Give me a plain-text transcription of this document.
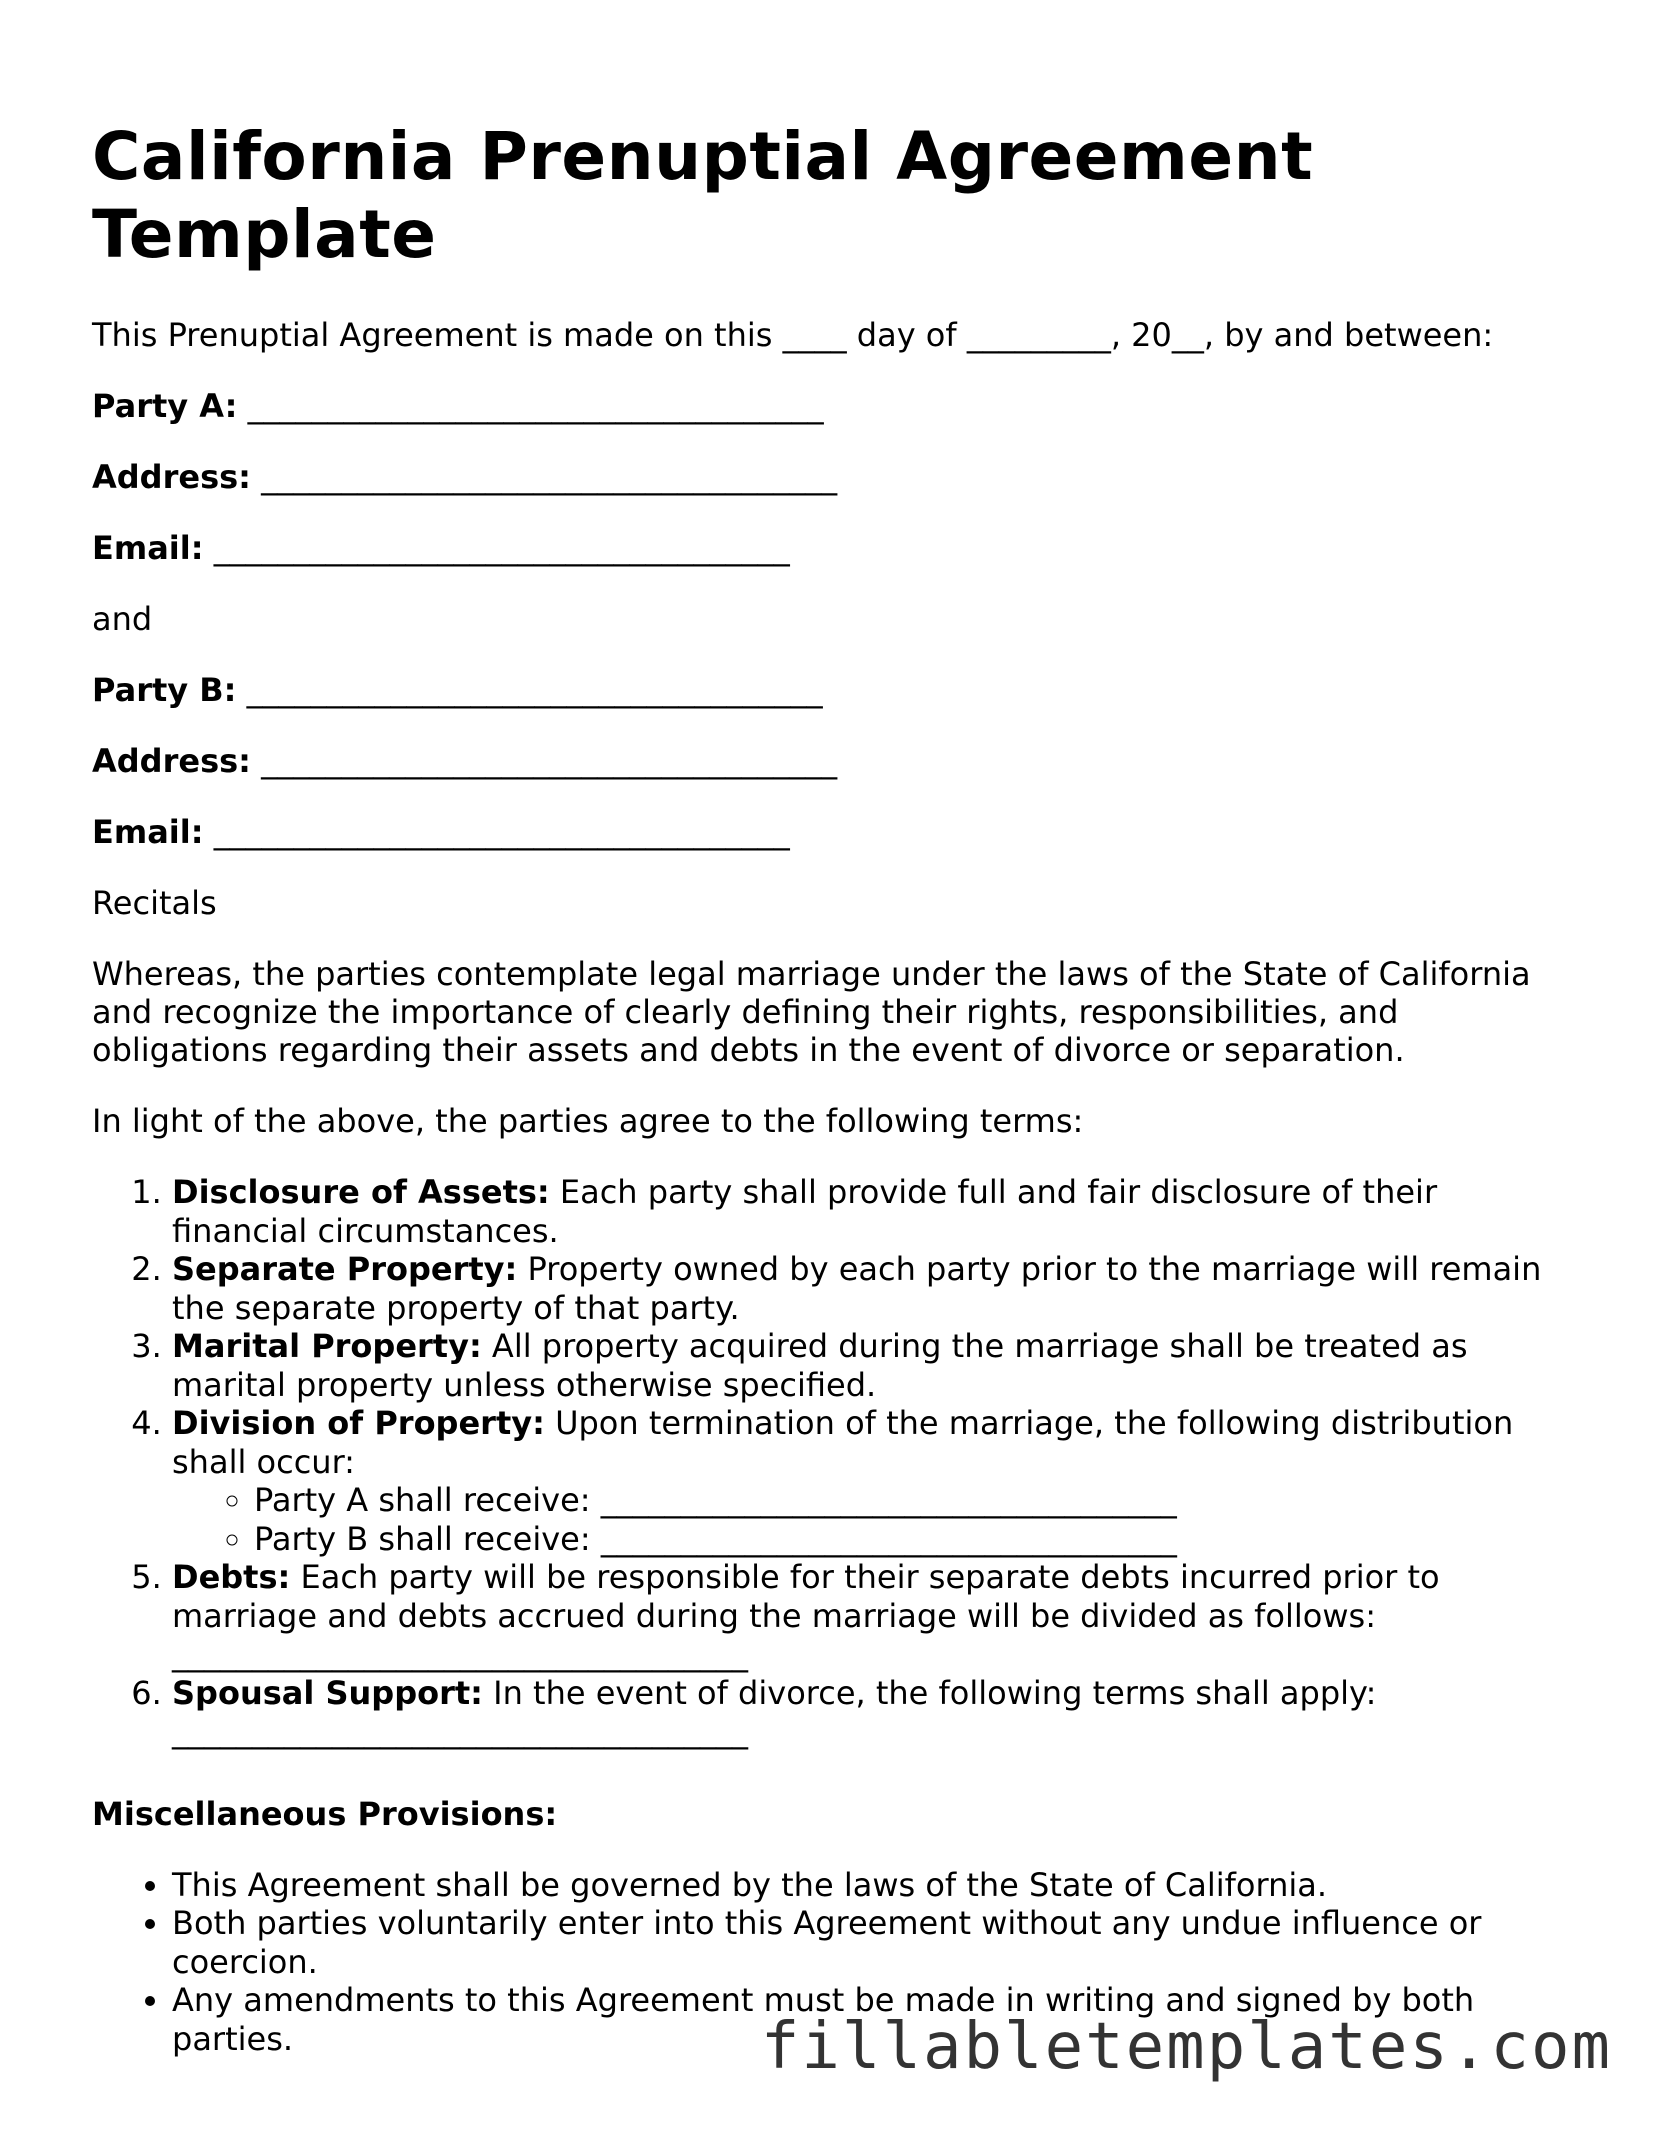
California Prenuptial Agreement Template

This Prenuptial Agreement is made on this ____ day of _________, 20__, by and between:

Party A: ____________________________________

Address: ____________________________________

Email: ____________________________________

and

Party B: ____________________________________

Address: ____________________________________

Email: ____________________________________

Recitals

Whereas, the parties contemplate legal marriage under the laws of the State of California and recognize the importance of clearly defining their rights, responsibilities, and obligations regarding their assets and debts in the event of divorce or separation.

In light of the above, the parties agree to the following terms:

1. Disclosure of Assets: Each party shall provide full and fair disclosure of their financial circumstances.
2. Separate Property: Property owned by each party prior to the marriage will remain the separate property of that party.
3. Marital Property: All property acquired during the marriage shall be treated as marital property unless otherwise specified.
4. Division of Property: Upon termination of the marriage, the following distribution shall occur:
◦ Party A shall receive: ____________________________________
◦ Party B shall receive: ____________________________________
5. Debts: Each party will be responsible for their separate debts incurred prior to marriage and debts accrued during the marriage will be divided as follows:
____________________________________
6. Spousal Support: In the event of divorce, the following terms shall apply:
____________________________________

Miscellaneous Provisions:

• This Agreement shall be governed by the laws of the State of California.
• Both parties voluntarily enter into this Agreement without any undue influence or coercion.
• Any amendments to this Agreement must be made in writing and signed by both parties.	fillabletemplates.com
